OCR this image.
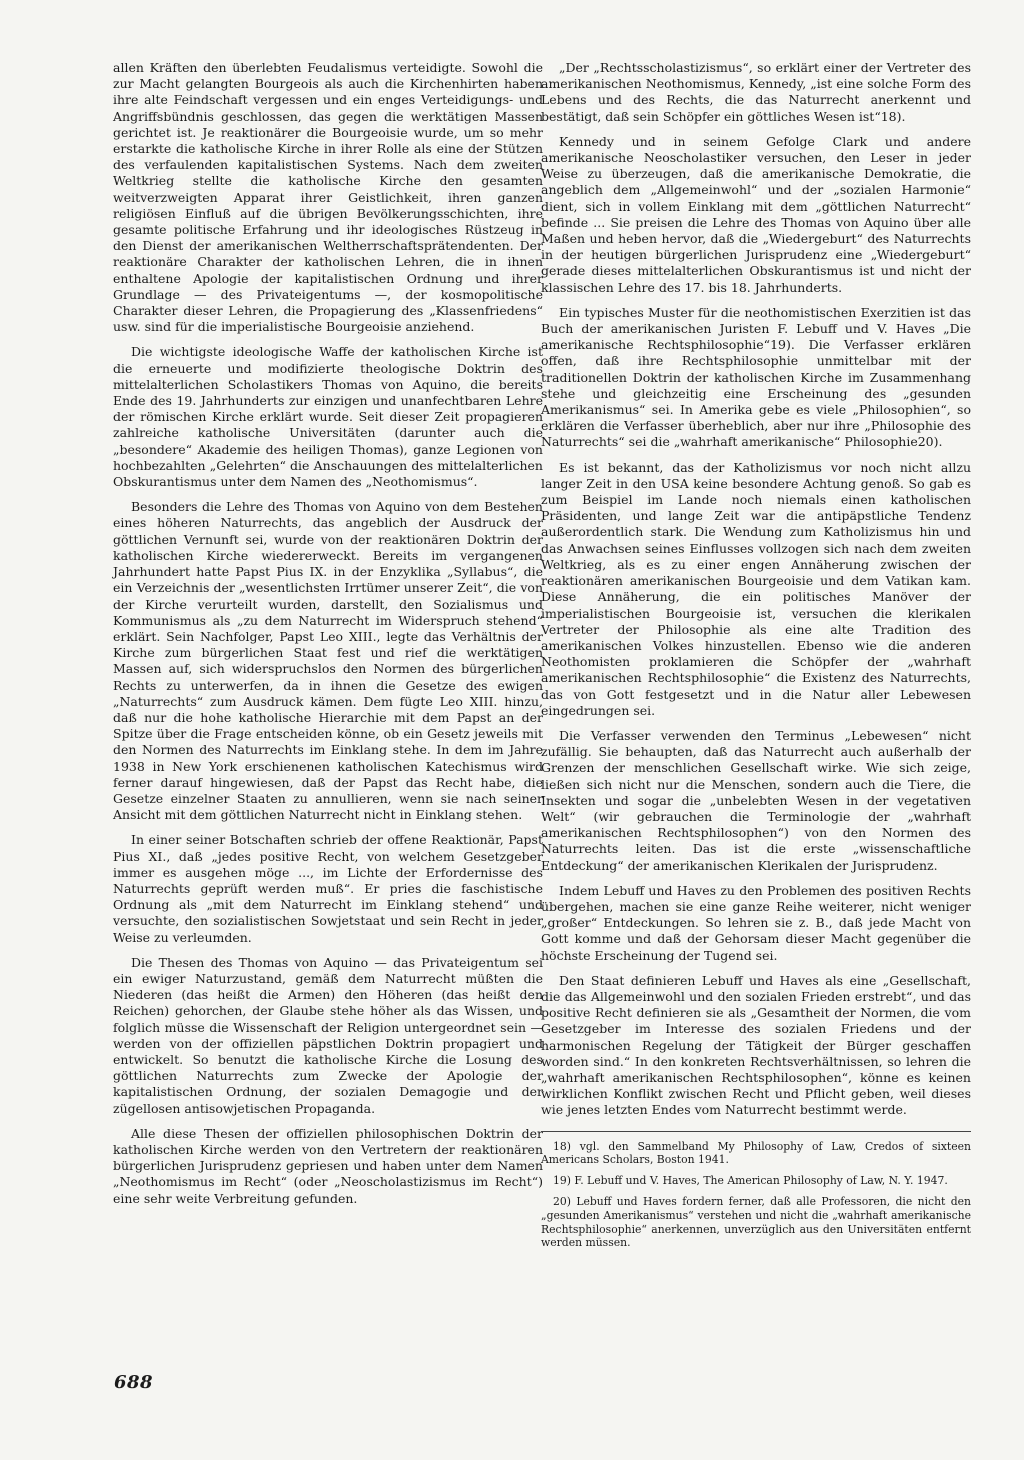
allen Kräften den überlebten Feudalismus verteidigte. Sowohl die zur Macht gelangten Bourgeois als auch die Kirchenhirten haben ihre alte Feindschaft vergessen und ein enges Verteidigungs- und Angriffsbündnis geschlossen, das gegen die werktätigen Massen gerichtet ist. Je reaktionärer die Bourgeoisie wurde, um so mehr erstarkte die katholische Kirche in ihrer Rolle als eine der Stützen des verfaulenden kapitalistischen Systems. Nach dem zweiten Weltkrieg stellte die katholische Kirche den gesamten weitverzweigten Apparat ihrer Geistlichkeit, ihren ganzen religiösen Einfluß auf die übrigen Bevölkerungsschichten, ihre gesamte politische Erfahrung und ihr ideologisches Rüstzeug in den Dienst der amerikanischen Weltherrschaftsprätendenten. Der reaktionäre Charakter der katholischen Lehren, die in ihnen enthaltene Apologie der kapitalistischen Ordnung und ihrer Grundlage — des Privateigentums —, der kosmopolitische Charakter dieser Lehren, die Propagierung des „Klassenfriedens“ usw. sind für die imperialistische Bourgeoisie anziehend.

Die wichtigste ideologische Waffe der katholischen Kirche ist die erneuerte und modifizierte theologische Doktrin des mittelalterlichen Scholastikers Thomas von Aquino, die bereits Ende des 19. Jahrhunderts zur einzigen und unanfechtbaren Lehre der römischen Kirche erklärt wurde. Seit dieser Zeit propagieren zahlreiche katholische Universitäten (darunter auch die „besondere“ Akademie des heiligen Thomas), ganze Legionen von hochbezahlten „Gelehrten“ die Anschauungen des mittelalterlichen Obskurantismus unter dem Namen des „Neothomismus“.

Besonders die Lehre des Thomas von Aquino von dem Bestehen eines höheren Naturrechts, das angeblich der Ausdruck der göttlichen Vernunft sei, wurde von der reaktionären Doktrin der katholischen Kirche wiedererweckt. Bereits im vergangenen Jahrhundert hatte Papst Pius IX. in der Enzyklika „Syllabus“, die ein Verzeichnis der „wesentlichsten Irrtümer unserer Zeit“, die von der Kirche verurteilt wurden, darstellt, den Sozialismus und Kommunismus als „zu dem Naturrecht im Widerspruch stehend“ erklärt. Sein Nachfolger, Papst Leo XIII., legte das Verhältnis der Kirche zum bürgerlichen Staat fest und rief die werktätigen Massen auf, sich widerspruchslos den Normen des bürgerlichen Rechts zu unterwerfen, da in ihnen die Gesetze des ewigen „Naturrechts“ zum Ausdruck kämen. Dem fügte Leo XIII. hinzu, daß nur die hohe katholische Hierarchie mit dem Papst an der Spitze über die Frage entscheiden könne, ob ein Gesetz jeweils mit den Normen des Naturrechts im Einklang stehe. In dem im Jahre 1938 in New York erschienenen katholischen Katechismus wird ferner darauf hingewiesen, daß der Papst das Recht habe, die Gesetze einzelner Staaten zu annullieren, wenn sie nach seiner Ansicht mit dem göttlichen Naturrecht nicht in Einklang stehen.

In einer seiner Botschaften schrieb der offene Reaktionär, Papst Pius XI., daß „jedes positive Recht, von welchem Gesetzgeber immer es ausgehen möge ..., im Lichte der Erfordernisse des Naturrechts geprüft werden muß“. Er pries die faschistische Ordnung als „mit dem Naturrecht im Einklang stehend“ und versuchte, den sozialistischen Sowjetstaat und sein Recht in jeder Weise zu verleumden.

Die Thesen des Thomas von Aquino — das Privateigentum sei ein ewiger Naturzustand, gemäß dem Naturrecht müßten die Niederen (das heißt die Armen) den Höheren (das heißt den Reichen) gehorchen, der Glaube stehe höher als das Wissen, und folglich müsse die Wissenschaft der Religion untergeordnet sein — werden von der offiziellen päpstlichen Doktrin propagiert und entwickelt. So benutzt die katholische Kirche die Losung des göttlichen Naturrechts zum Zwecke der Apologie der kapitalistischen Ordnung, der sozialen Demagogie und der zügellosen antisowjetischen Propaganda.

Alle diese Thesen der offiziellen philosophischen Doktrin der katholischen Kirche werden von den Vertretern der reaktionären bürgerlichen Jurisprudenz gepriesen und haben unter dem Namen „Neothomismus im Recht“ (oder „Neoscholastizismus im Recht“) eine sehr weite Verbreitung gefunden.

„Der „Rechtsscholastizismus“, so erklärt einer der Vertreter des amerikanischen Neothomismus, Kennedy, „ist eine solche Form des Lebens und des Rechts, die das Naturrecht anerkennt und bestätigt, daß sein Schöpfer ein göttliches Wesen ist“18).

Kennedy und in seinem Gefolge Clark und andere amerikanische Neoscholastiker versuchen, den Leser in jeder Weise zu überzeugen, daß die amerikanische Demokratie, die angeblich dem „Allgemeinwohl“ und der „sozialen Harmonie“ dient, sich in vollem Einklang mit dem „göttlichen Naturrecht“ befinde ... Sie preisen die Lehre des Thomas von Aquino über alle Maßen und heben hervor, daß die „Wiedergeburt“ des Naturrechts in der heutigen bürgerlichen Jurisprudenz eine „Wiedergeburt“ gerade dieses mittelalterlichen Obskurantismus ist und nicht der klassischen Lehre des 17. bis 18. Jahrhunderts.

Ein typisches Muster für die neothomistischen Exerzitien ist das Buch der amerikanischen Juristen F. Lebuff und V. Haves „Die amerikanische Rechtsphilosophie“19). Die Verfasser erklären offen, daß ihre Rechtsphilosophie unmittelbar mit der traditionellen Doktrin der katholischen Kirche im Zusammenhang stehe und gleichzeitig eine Erscheinung des „gesunden Amerikanismus“ sei. In Amerika gebe es viele „Philosophien“, so erklären die Verfasser überheblich, aber nur ihre „Philosophie des Naturrechts“ sei die „wahrhaft amerikanische“ Philosophie20).

Es ist bekannt, das der Katholizismus vor noch nicht allzu langer Zeit in den USA keine besondere Achtung genoß. So gab es zum Beispiel im Lande noch niemals einen katholischen Präsidenten, und lange Zeit war die antipäpstliche Tendenz außerordentlich stark. Die Wendung zum Katholizismus hin und das Anwachsen seines Einflusses vollzogen sich nach dem zweiten Weltkrieg, als es zu einer engen Annäherung zwischen der reaktionären amerikanischen Bourgeoisie und dem Vatikan kam. Diese Annäherung, die ein politisches Manöver der imperialistischen Bourgeoisie ist, versuchen die klerikalen Vertreter der Philosophie als eine alte Tradition des amerikanischen Volkes hinzustellen. Ebenso wie die anderen Neothomisten proklamieren die Schöpfer der „wahrhaft amerikanischen Rechtsphilosophie“ die Existenz des Naturrechts, das von Gott festgesetzt und in die Natur aller Lebewesen eingedrungen sei.

Die Verfasser verwenden den Terminus „Lebewesen“ nicht zufällig. Sie behaupten, daß das Naturrecht auch außerhalb der Grenzen der menschlichen Gesellschaft wirke. Wie sich zeige, ließen sich nicht nur die Menschen, sondern auch die Tiere, die Insekten und sogar die „unbelebten Wesen in der vegetativen Welt“ (wir gebrauchen die Terminologie der „wahrhaft amerikanischen Rechtsphilosophen“) von den Normen des Naturrechts leiten. Das ist die erste „wissenschaftliche Entdeckung“ der amerikanischen Klerikalen der Jurisprudenz.

Indem Lebuff und Haves zu den Problemen des positiven Rechts übergehen, machen sie eine ganze Reihe weiterer, nicht weniger „großer“ Entdeckungen. So lehren sie z. B., daß jede Macht von Gott komme und daß der Gehorsam dieser Macht gegenüber die höchste Erscheinung der Tugend sei.

Den Staat definieren Lebuff und Haves als eine „Gesellschaft, die das Allgemeinwohl und den sozialen Frieden erstrebt“, und das positive Recht definieren sie als „Gesamtheit der Normen, die vom Gesetzgeber im Interesse des sozialen Friedens und der harmonischen Regelung der Tätigkeit der Bürger geschaffen worden sind.“ In den konkreten Rechtsverhältnissen, so lehren die „wahrhaft amerikanischen Rechtsphilosophen“, könne es keinen wirklichen Konflikt zwischen Recht und Pflicht geben, weil dieses wie jenes letzten Endes vom Naturrecht bestimmt werde.

18) vgl. den Sammelband My Philosophy of Law, Credos of sixteen Americans Scholars, Boston 1941.

19) F. Lebuff und V. Haves, The American Philosophy of Law, N. Y. 1947.

20) Lebuff und Haves fordern ferner, daß alle Professoren, die nicht den „gesunden Amerikanismus“ verstehen und nicht die „wahrhaft amerikanische Rechtsphilosophie“ anerkennen, unverzüglich aus den Universitäten entfernt werden müssen.

688
